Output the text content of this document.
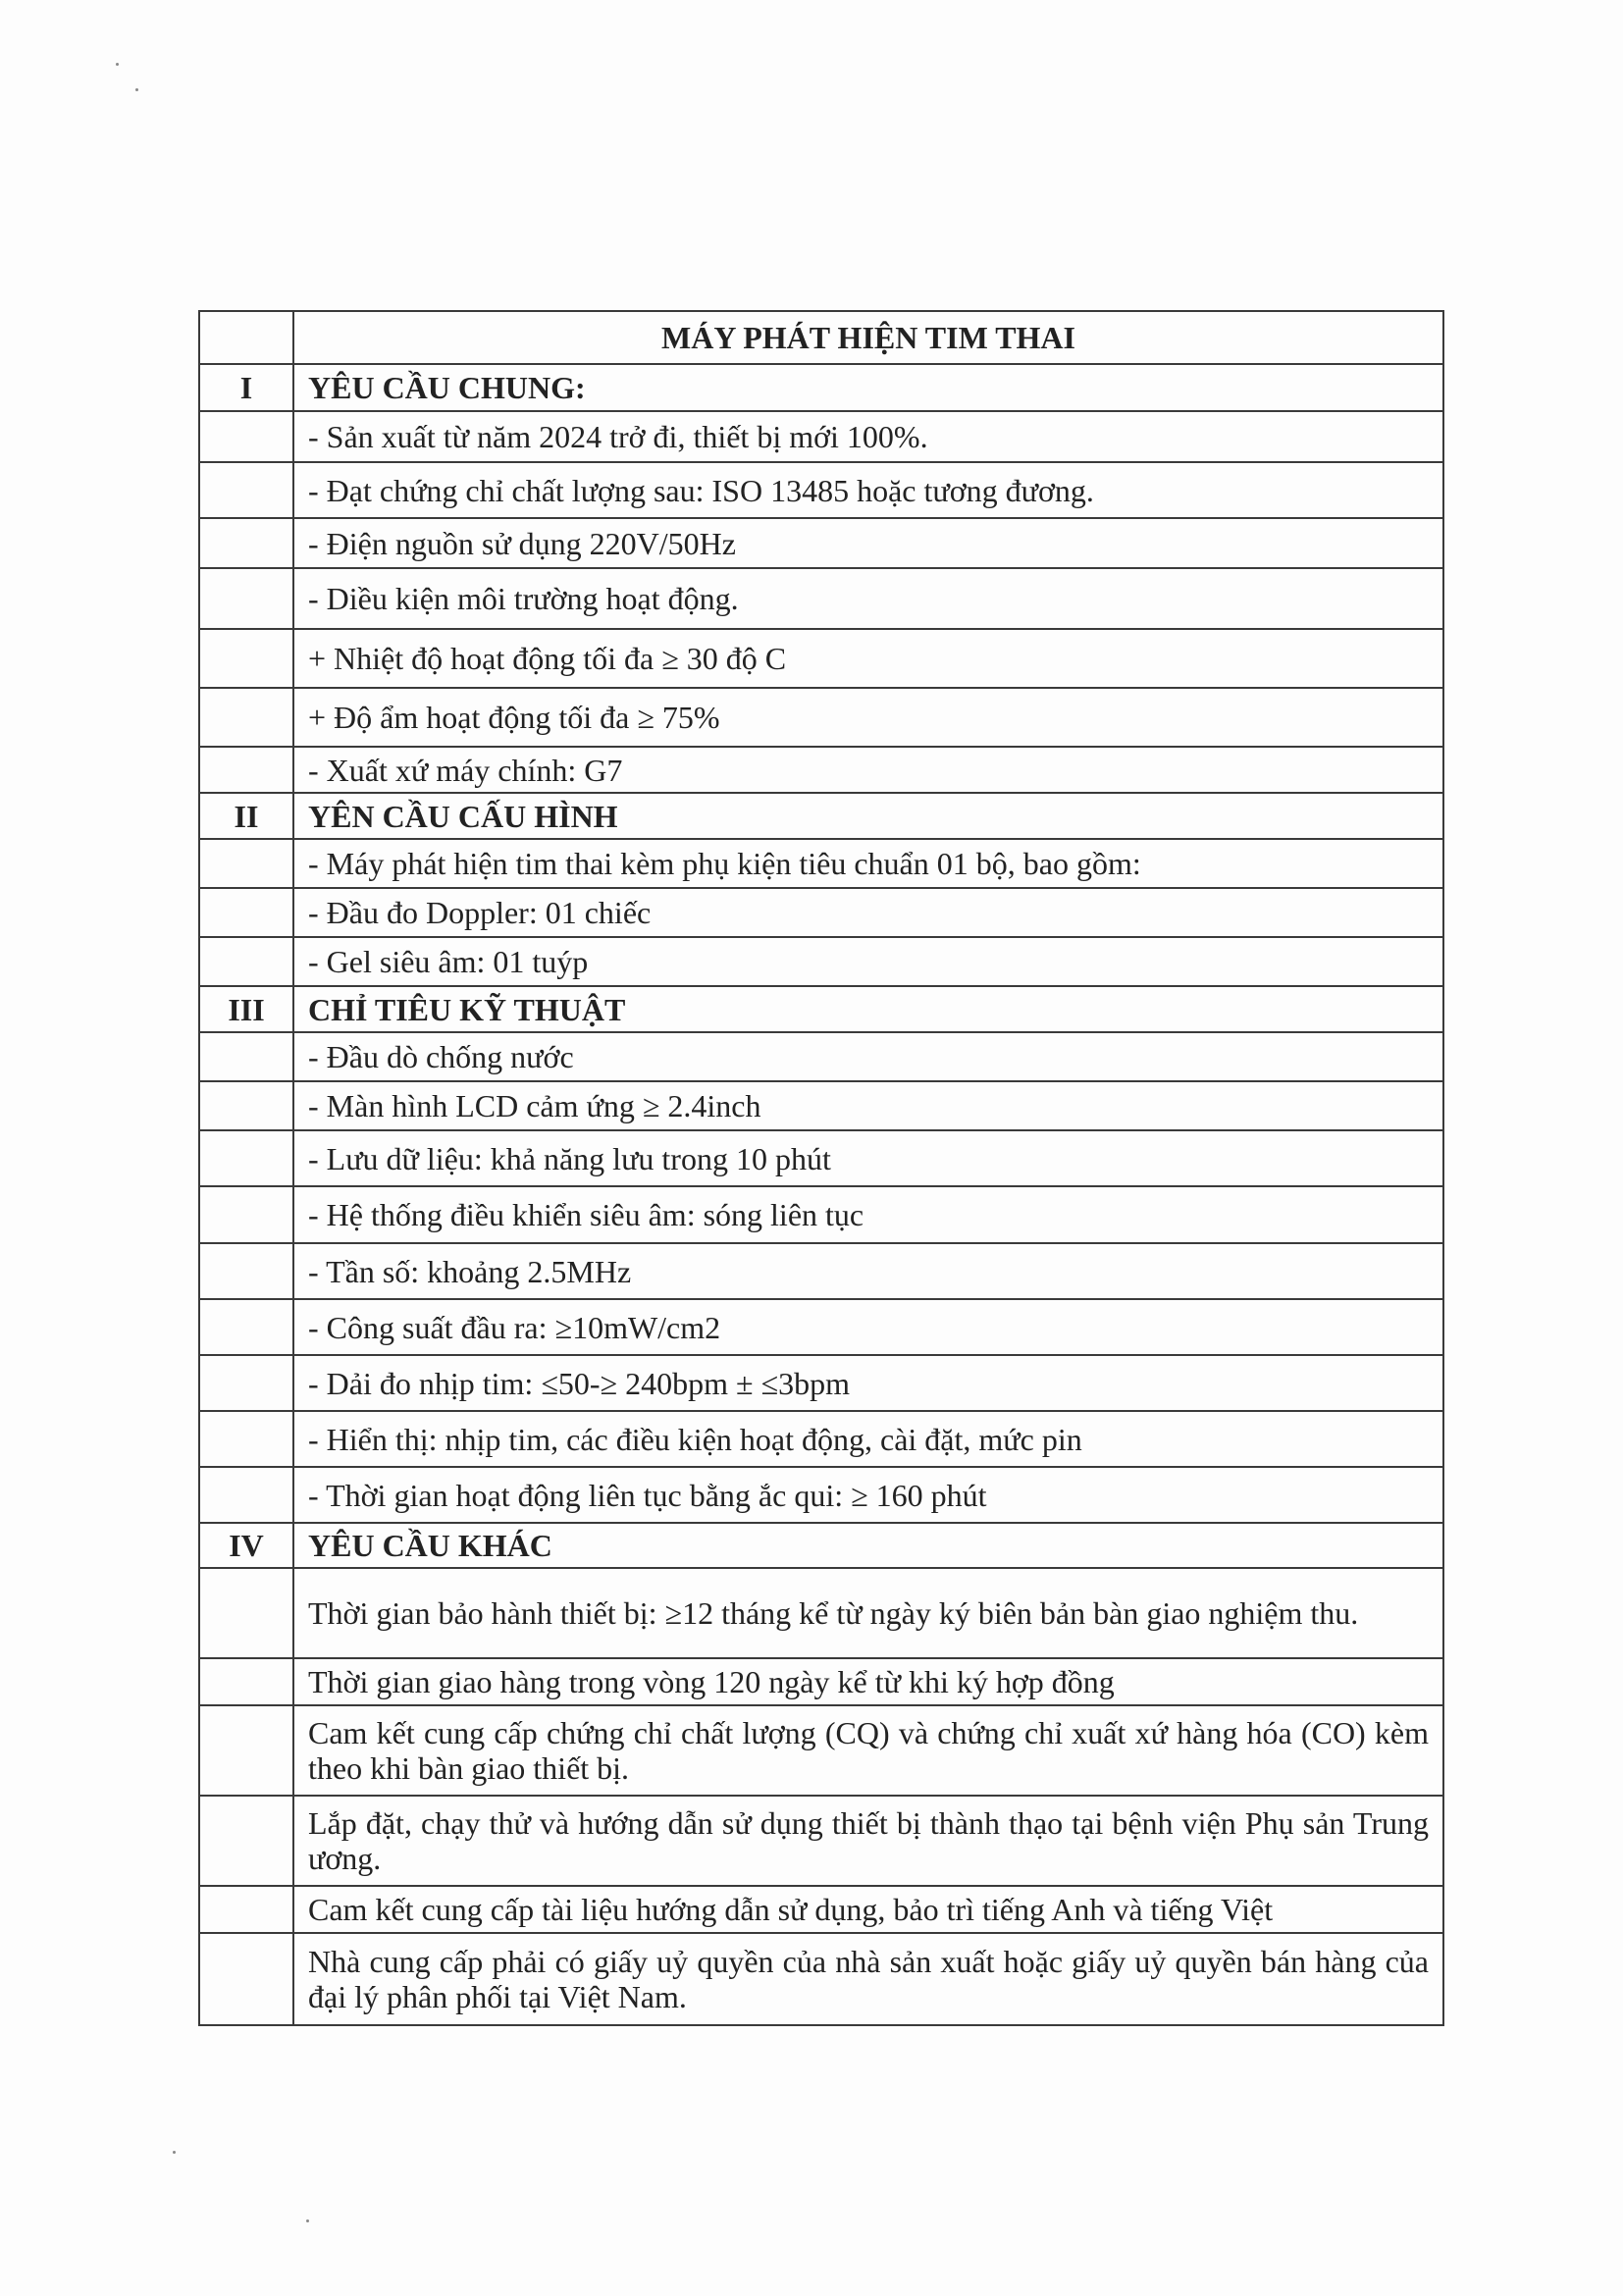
	MÁY PHÁT HIỆN TIM THAI
I	YÊU CẦU CHUNG:
	- Sản xuất từ năm 2024 trở đi, thiết bị mới 100%.
	- Đạt chứng chỉ chất lượng sau: ISO 13485 hoặc tương đương.
	- Điện nguồn sử dụng 220V/50Hz
	- Diều kiện môi trường hoạt động.
	+ Nhiệt độ hoạt động tối đa ≥ 30 độ C
	+ Độ ẩm hoạt động tối đa ≥ 75%
	- Xuất xứ máy chính: G7
II	YÊN CẦU CẤU HÌNH
	- Máy phát hiện tim thai kèm phụ kiện tiêu chuẩn 01 bộ, bao gồm:
	- Đầu đo Doppler: 01 chiếc
	- Gel siêu âm: 01 tuýp
III	CHỈ TIÊU KỸ THUẬT
	- Đầu dò chống nước
	- Màn hình LCD cảm ứng ≥ 2.4inch
	- Lưu dữ liệu: khả năng lưu trong 10 phút
	- Hệ thống điều khiển siêu âm: sóng liên tục
	- Tần số: khoảng 2.5MHz
	- Công suất đầu ra: ≥10mW/cm2
	- Dải đo nhịp tim: ≤50-≥ 240bpm ± ≤3bpm
	- Hiển thị: nhịp tim, các điều kiện hoạt động, cài đặt, mức pin
	- Thời gian hoạt động liên tục bằng ắc qui: ≥ 160 phút
IV	YÊU CẦU KHÁC
	Thời gian bảo hành thiết bị: ≥12 tháng kể từ ngày ký biên bản bàn giao nghiệm thu.
	Thời gian giao hàng trong vòng 120 ngày kể từ khi ký hợp đồng
	Cam kết cung cấp chứng chỉ chất lượng (CQ) và chứng chỉ xuất xứ hàng hóa (CO) kèm theo khi bàn giao thiết bị.
	Lắp đặt, chạy thử và hướng dẫn sử dụng thiết bị thành thạo tại bệnh viện Phụ sản Trung ương.
	Cam kết cung cấp tài liệu hướng dẫn sử dụng, bảo trì tiếng Anh và tiếng Việt
	Nhà cung cấp phải có giấy uỷ quyền của nhà sản xuất hoặc giấy uỷ quyền bán hàng của đại lý phân phối tại Việt Nam.
